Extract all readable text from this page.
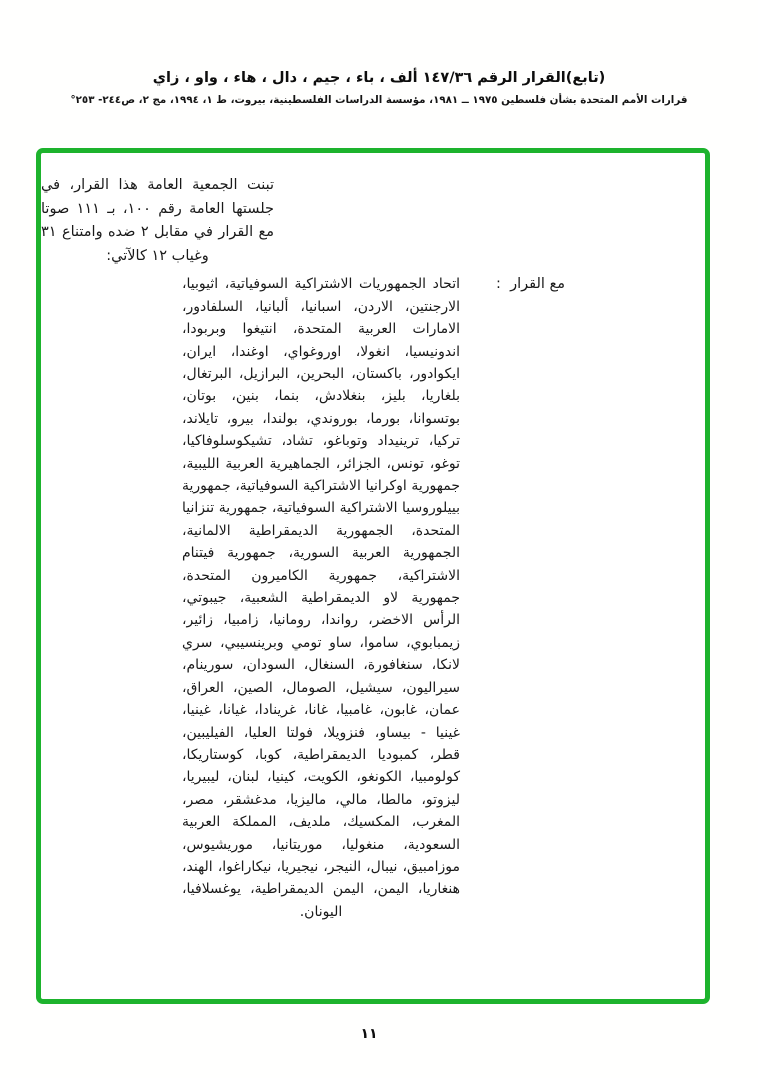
(تابع)القرار الرقم ١٤٧/٣٦ ألف ، باء ، جيم ، دال ، هاء ، واو ، زاي
قرارات الأمم المتحدة بشأن فلسطين ١٩٧٥ ــ ١٩٨١، مؤسسة الدراسات الفلسطينية، بيروت، ط ١، ١٩٩٤، مج ٢، ص٢٤٤- ٢٥٣°
تبنت الجمعية العامة هذا القرار، في جلستها العامة رقم ١٠٠، بـ ١١١ صوتا مع القرار في مقابل ٢ ضده وامتناع ٣١ وغياب ١٢ كالآتي:
مع القرار  :
اتحاد الجمهوريات الاشتراكية السوفياتية، اثيوبيا، الارجنتين، الاردن، اسبانيا، ألبانيا، السلفادور، الامارات العربية المتحدة، انتيغوا وبربودا، اندونيسيا، انغولا، اوروغواي، اوغندا، ايران، ايكوادور، باكستان، البحرين، البرازيل، البرتغال، بلغاريا، بليز، بنغلادش، بنما، بنين، بوتان، بوتسوانا، بورما، بوروندي، بولندا، بيرو، تايلاند، تركيا، ترينيداد وتوباغو، تشاد، تشيكوسلوفاكيا، توغو، تونس، الجزائر، الجماهيرية العربية الليبية، جمهورية اوكرانيا الاشتراكية السوفياتية، جمهورية بييلوروسيا الاشتراكية السوفياتية، جمهورية تنزانيا المتحدة، الجمهورية الديمقراطية الالمانية، الجمهورية العربية السورية، جمهورية فيتنام الاشتراكية، جمهورية الكاميرون المتحدة، جمهورية لاو الديمقراطية الشعبية، جيبوتي، الرأس الاخضر، رواندا، رومانيا، زامبيا، زائير، زيمبابوي، ساموا، ساو تومي وبرينسيبي، سري لانكا، سنغافورة، السنغال، السودان، سورينام، سيراليون، سيشيل، الصومال، الصين، العراق، عمان، غابون، غامبيا، غانا، غرينادا، غيانا، غينيا، غينيا - بيساو، فنزويلا، فولتا العليا، الفيليبين، قطر، كمبوديا الديمقراطية، كوبا، كوستاريكا، كولومبيا، الكونغو، الكويت، كينيا، لبنان، ليبيريا، ليزوتو، مالطا، مالي، ماليزيا، مدغشقر، مصر، المغرب، المكسيك، ملديف، المملكة العربية السعودية، منغوليا، موريتانيا، موريشيوس، موزامبيق، نيبال، النيجر، نيجيريا، نيكاراغوا، الهند، هنغاريا، اليمن، اليمن الديمقراطية، يوغسلافيا، اليونان.
١١
